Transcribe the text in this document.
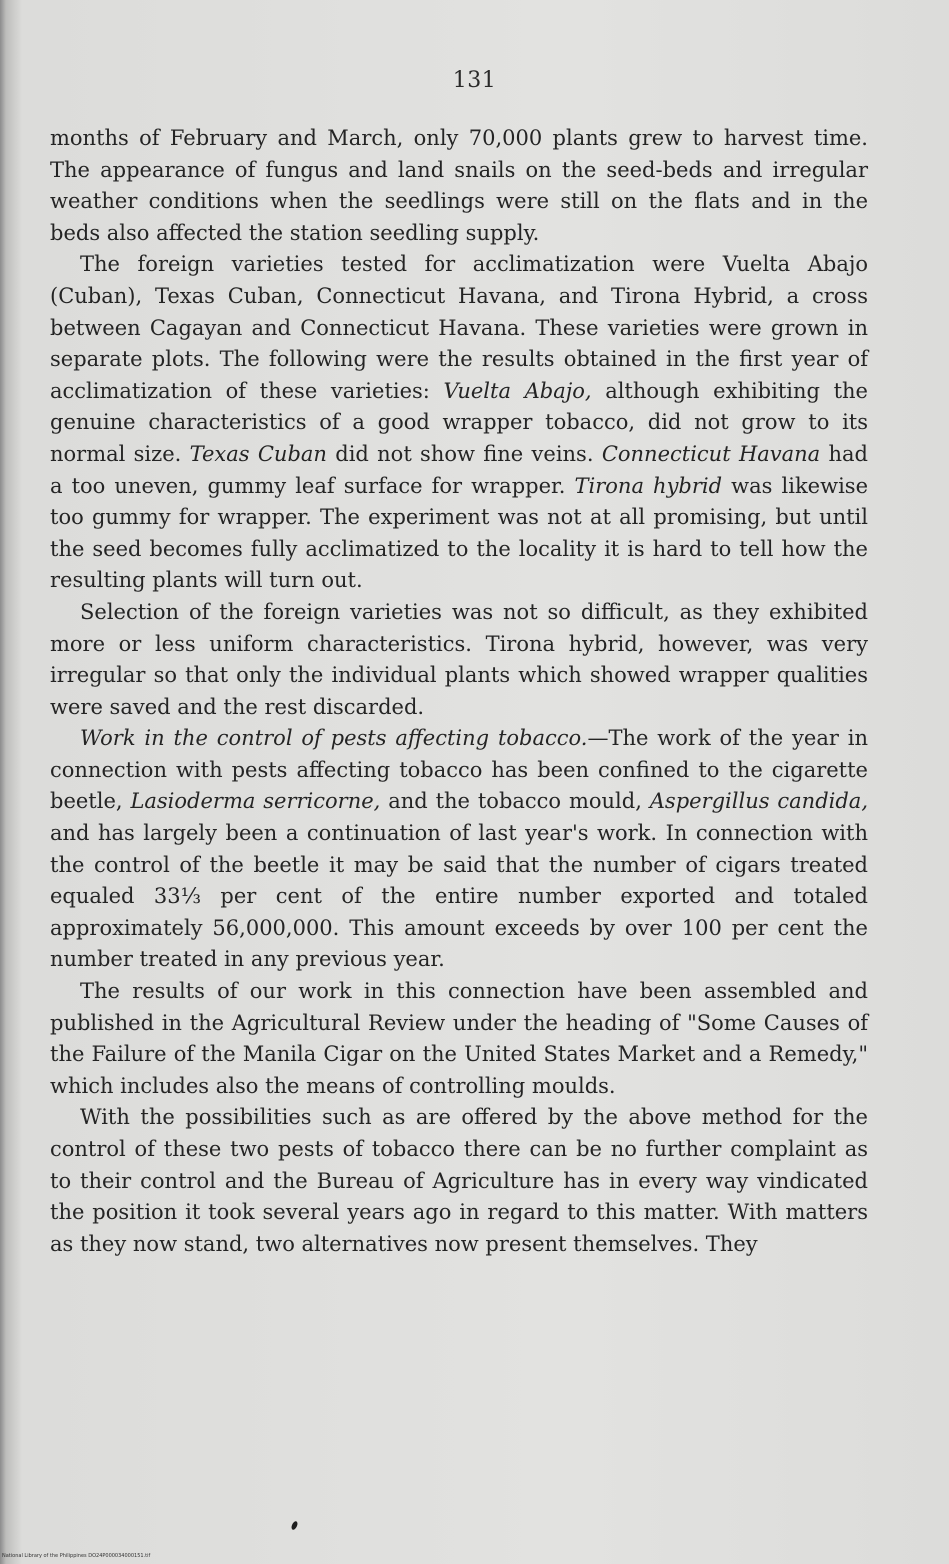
131

months of February and March, only 70,000 plants grew to harvest time. The appearance of fungus and land snails on the seed-beds and irregular weather conditions when the seedlings were still on the flats and in the beds also affected the station seedling supply.

The foreign varieties tested for acclimatization were Vuelta Abajo (Cuban), Texas Cuban, Connecticut Havana, and Tirona Hybrid, a cross between Cagayan and Connecticut Havana. These varieties were grown in separate plots. The following were the results obtained in the first year of acclimatization of these varieties: Vuelta Abajo, although exhibiting the genuine characteristics of a good wrapper tobacco, did not grow to its normal size. Texas Cuban did not show fine veins. Connecticut Havana had a too uneven, gummy leaf surface for wrapper. Tirona hybrid was likewise too gummy for wrapper. The experiment was not at all promising, but until the seed becomes fully acclimatized to the locality it is hard to tell how the resulting plants will turn out.

Selection of the foreign varieties was not so difficult, as they exhibited more or less uniform characteristics. Tirona hybrid, however, was very irregular so that only the individual plants which showed wrapper qualities were saved and the rest discarded.

Work in the control of pests affecting tobacco.—The work of the year in connection with pests affecting tobacco has been confined to the cigarette beetle, Lasioderma serricorne, and the tobacco mould, Aspergillus candida, and has largely been a continuation of last year's work. In connection with the control of the beetle it may be said that the number of cigars treated equaled 33⅓ per cent of the entire number exported and totaled approximately 56,000,000. This amount exceeds by over 100 per cent the number treated in any previous year.

The results of our work in this connection have been assembled and published in the Agricultural Review under the heading of "Some Causes of the Failure of the Manila Cigar on the United States Market and a Remedy," which includes also the means of controlling moulds.

With the possibilities such as are offered by the above method for the control of these two pests of tobacco there can be no further complaint as to their control and the Bureau of Agriculture has in every way vindicated the position it took several years ago in regard to this matter. With matters as they now stand, two alternatives now present themselves. They

National Library of the Philippines DO24P000034000151.tif
